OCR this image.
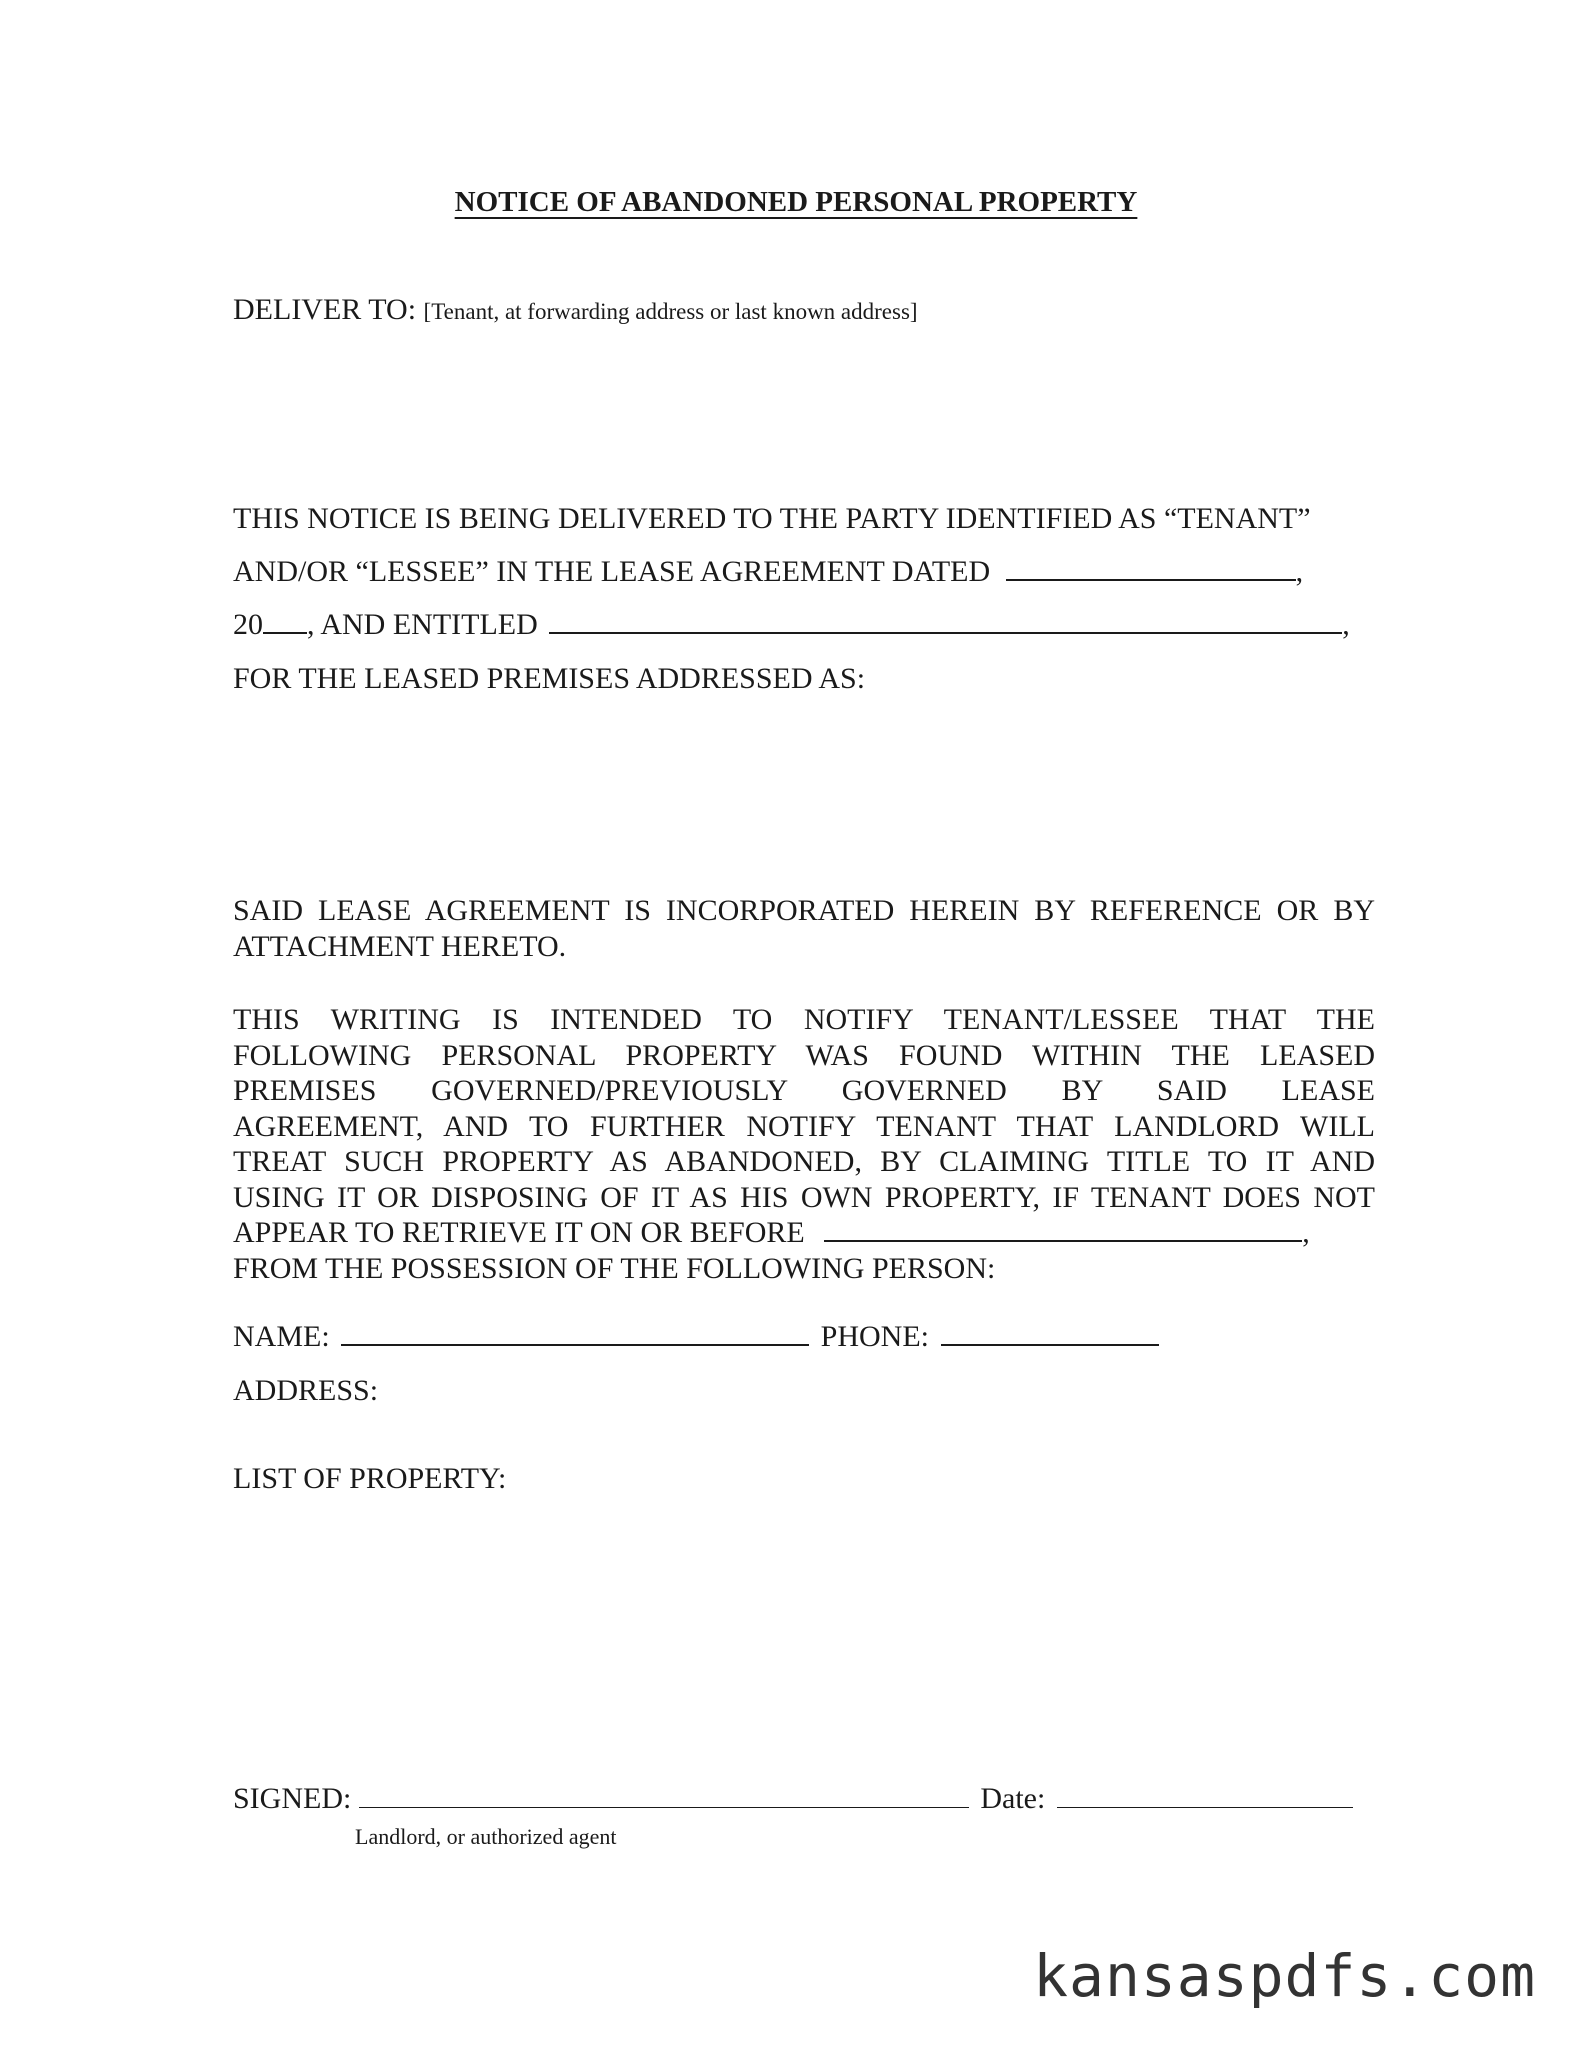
NOTICE OF ABANDONED PERSONAL PROPERTY
DELIVER TO: [Tenant, at forwarding address or last known address]
THIS NOTICE IS BEING DELIVERED TO THE PARTY IDENTIFIED AS “TENANT”
AND/OR “LESSEE” IN THE LEASE AGREEMENT DATED	,
20 , AND ENTITLED	,
FOR THE LEASED PREMISES ADDRESSED AS:
SAID LEASE AGREEMENT IS INCORPORATED HEREIN BY REFERENCE OR BY
ATTACHMENT HERETO.
THIS WRITING IS INTENDED TO NOTIFY TENANT/LESSEE THAT THE
FOLLOWING PERSONAL PROPERTY WAS FOUND WITHIN THE LEASED
PREMISES GOVERNED/PREVIOUSLY GOVERNED BY SAID LEASE
AGREEMENT, AND TO FURTHER NOTIFY TENANT THAT LANDLORD WILL
TREAT SUCH PROPERTY AS ABANDONED, BY CLAIMING TITLE TO IT AND
USING IT OR DISPOSING OF IT AS HIS OWN PROPERTY, IF TENANT DOES NOT
APPEAR TO RETRIEVE IT ON OR BEFORE	,
FROM THE POSSESSION OF THE FOLLOWING PERSON:
NAME:	PHONE:
ADDRESS:
LIST OF PROPERTY:
SIGNED:	Date:
Landlord, or authorized agent
kansaspdfs.com
